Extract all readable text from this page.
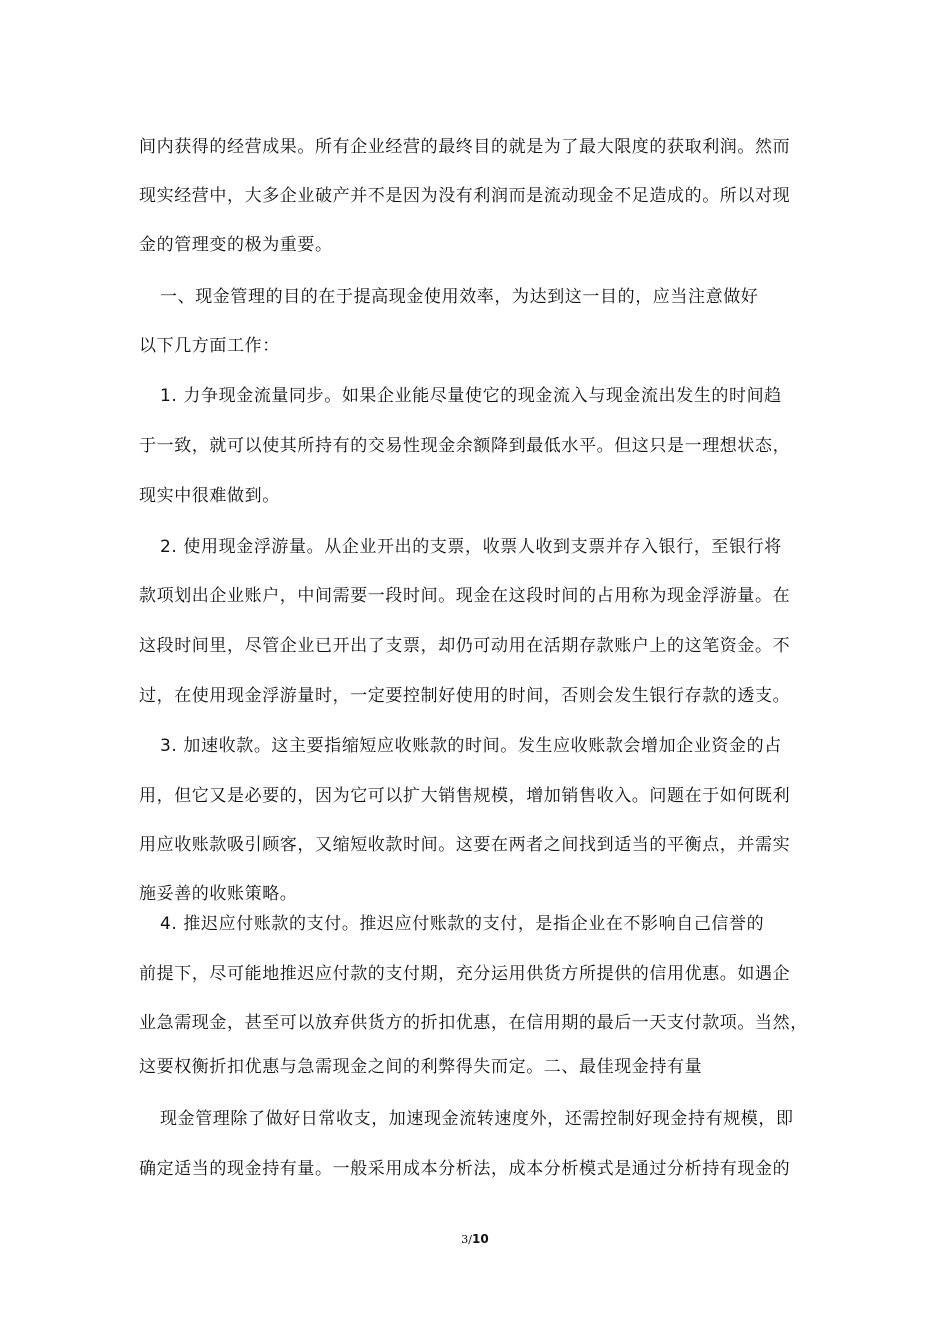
间内获得的经营成果。所有企业经营的最终目的就是为了最大限度的获取利润。然而
现实经营中，大多企业破产并不是因为没有利润而是流动现金不足造成的。所以对现
金的管理变的极为重要。
一、现金管理的目的在于提高现金使用效率，为达到这一目的，应当注意做好
以下几方面工作：
1. 力争现金流量同步。如果企业能尽量使它的现金流入与现金流出发生的时间趋
于一致，就可以使其所持有的交易性现金余额降到最低水平。但这只是一理想状态，
现实中很难做到。
2. 使用现金浮游量。从企业开出的支票，收票人收到支票并存入银行，至银行将
款项划出企业账户，中间需要一段时间。现金在这段时间的占用称为现金浮游量。在
这段时间里，尽管企业已开出了支票，却仍可动用在活期存款账户上的这笔资金。不
过，在使用现金浮游量时，一定要控制好使用的时间，否则会发生银行存款的透支。
3. 加速收款。这主要指缩短应收账款的时间。发生应收账款会增加企业资金的占
用，但它又是必要的，因为它可以扩大销售规模，增加销售收入。问题在于如何既利
用应收账款吸引顾客，又缩短收款时间。这要在两者之间找到适当的平衡点，并需实
施妥善的收账策略。
4. 推迟应付账款的支付。推迟应付账款的支付，是指企业在不影响自己信誉的
前提下，尽可能地推迟应付款的支付期，充分运用供货方所提供的信用优惠。如遇企
业急需现金，甚至可以放弃供货方的折扣优惠，在信用期的最后一天支付款项。当然，
这要权衡折扣优惠与急需现金之间的利弊得失而定。二、最佳现金持有量
现金管理除了做好日常收支，加速现金流转速度外，还需控制好现金持有规模，即
确定适当的现金持有量。一般采用成本分析法，成本分析模式是通过分析持有现金的
3/10
